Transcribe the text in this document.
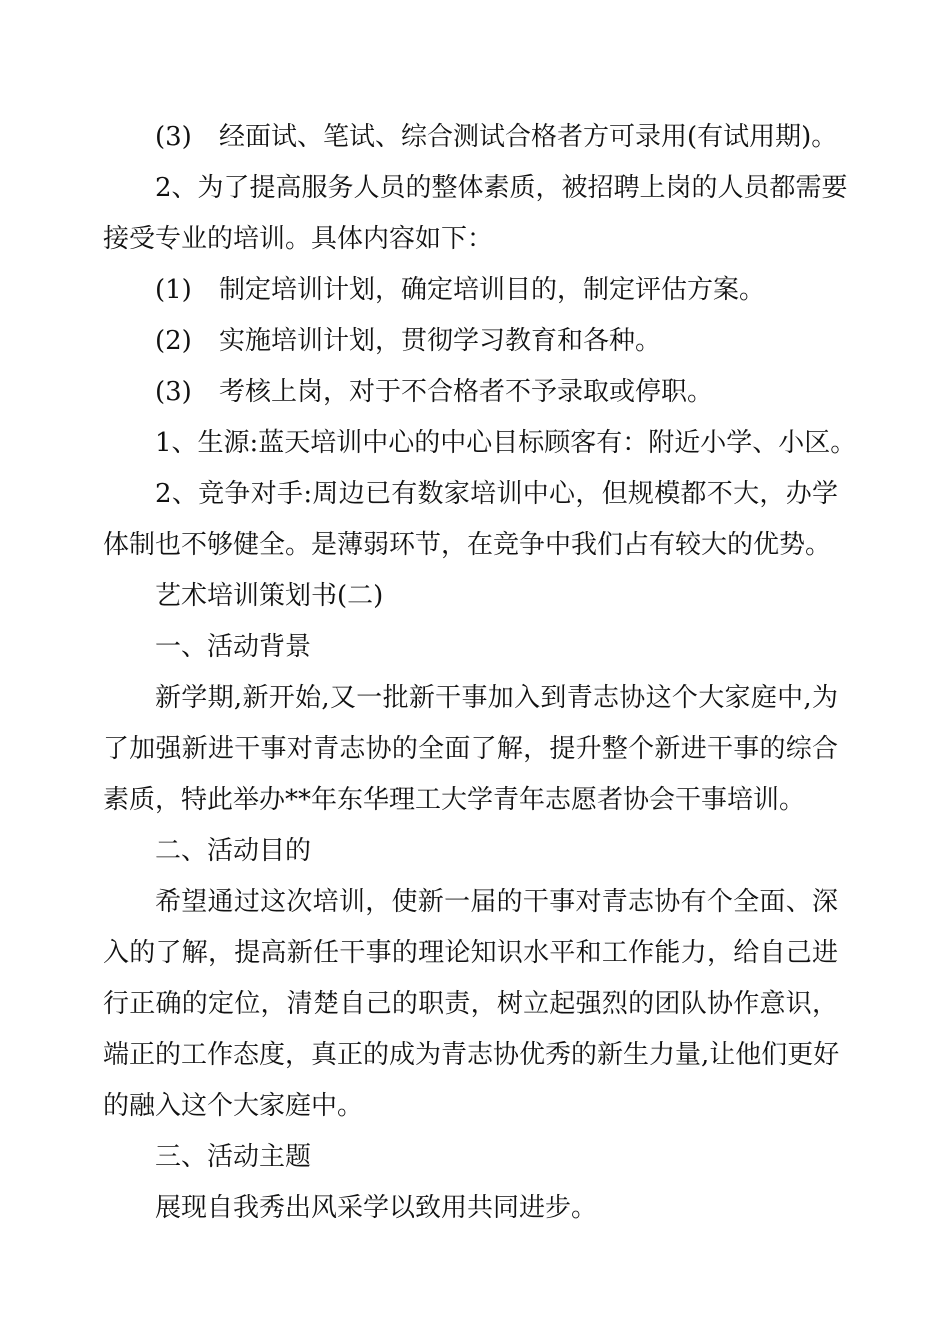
(3) 经面试、笔试、综合测试合格者方可录用(有试用期)。
2、为了提高服务人员的整体素质，被招聘上岗的人员都需要
接受专业的培训。具体内容如下：
(1) 制定培训计划，确定培训目的，制定评估方案。
(2) 实施培训计划，贯彻学习教育和各种。
(3) 考核上岗，对于不合格者不予录取或停职。
1、生源:蓝天培训中心的中心目标顾客有：附近小学、小区。
2、竞争对手:周边已有数家培训中心，但规模都不大，办学
体制也不够健全。是薄弱环节，在竞争中我们占有较大的优势。
艺术培训策划书(二)
一、活动背景
新学期,新开始,又一批新干事加入到青志协这个大家庭中,为
了加强新进干事对青志协的全面了解，提升整个新进干事的综合
素质，特此举办**年东华理工大学青年志愿者协会干事培训。
二、活动目的
希望通过这次培训，使新一届的干事对青志协有个全面、深
入的了解，提高新任干事的理论知识水平和工作能力，给自己进
行正确的定位，清楚自己的职责，树立起强烈的团队协作意识，
端正的工作态度，真正的成为青志协优秀的新生力量,让他们更好
的融入这个大家庭中。
三、活动主题
展现自我秀出风采学以致用共同进步。
